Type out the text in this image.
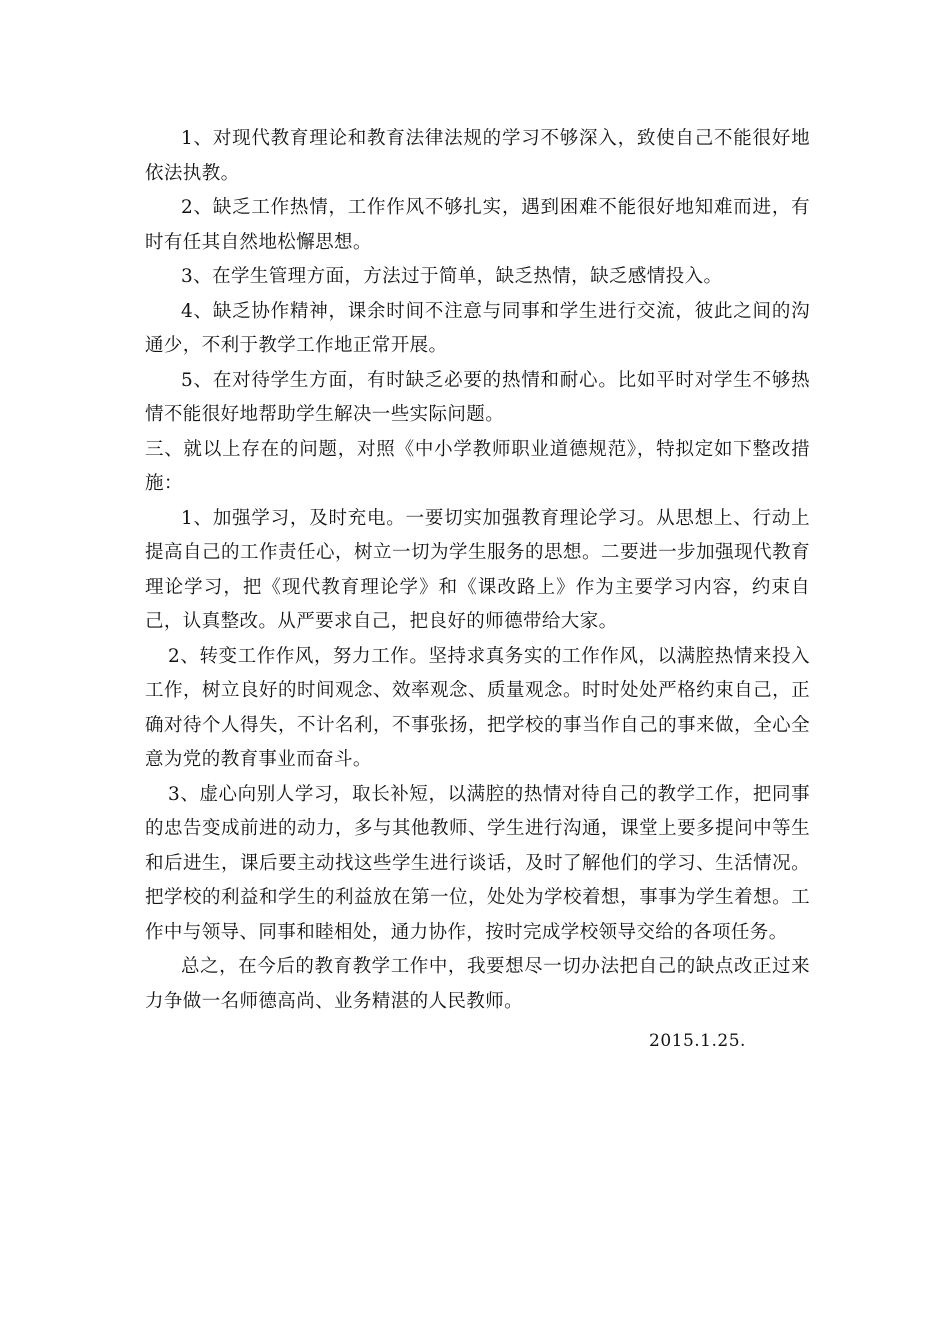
1、对现代教育理论和教育法律法规的学习不够深入，致使自己不能很好地依法执教。

2、缺乏工作热情，工作作风不够扎实，遇到困难不能很好地知难而进，有时有任其自然地松懈思想。

3、在学生管理方面，方法过于简单，缺乏热情，缺乏感情投入。

4、缺乏协作精神，课余时间不注意与同事和学生进行交流，彼此之间的沟通少，不利于教学工作地正常开展。

5、在对待学生方面，有时缺乏必要的热情和耐心。比如平时对学生不够热情不能很好地帮助学生解决一些实际问题。

三、就以上存在的问题，对照《中小学教师职业道德规范》，特拟定如下整改措施：

1、加强学习，及时充电。一要切实加强教育理论学习。从思想上、行动上提高自己的工作责任心，树立一切为学生服务的思想。二要进一步加强现代教育理论学习，把《现代教育理论学》和《课改路上》作为主要学习内容，约束自己，认真整改。从严要求自己，把良好的师德带给大家。

2、转变工作作风，努力工作。坚持求真务实的工作作风，以满腔热情来投入工作，树立良好的时间观念、效率观念、质量观念。时时处处严格约束自己，正确对待个人得失，不计名利，不事张扬，把学校的事当作自己的事来做，全心全意为党的教育事业而奋斗。

3、虚心向别人学习，取长补短，以满腔的热情对待自己的教学工作，把同事的忠告变成前进的动力，多与其他教师、学生进行沟通，课堂上要多提问中等生和后进生，课后要主动找这些学生进行谈话，及时了解他们的学习、生活情况。把学校的利益和学生的利益放在第一位，处处为学校着想，事事为学生着想。工作中与领导、同事和睦相处，通力协作，按时完成学校领导交给的各项任务。

总之，在今后的教育教学工作中，我要想尽一切办法把自己的缺点改正过来力争做一名师德高尚、业务精湛的人民教师。

2015.1.25.
